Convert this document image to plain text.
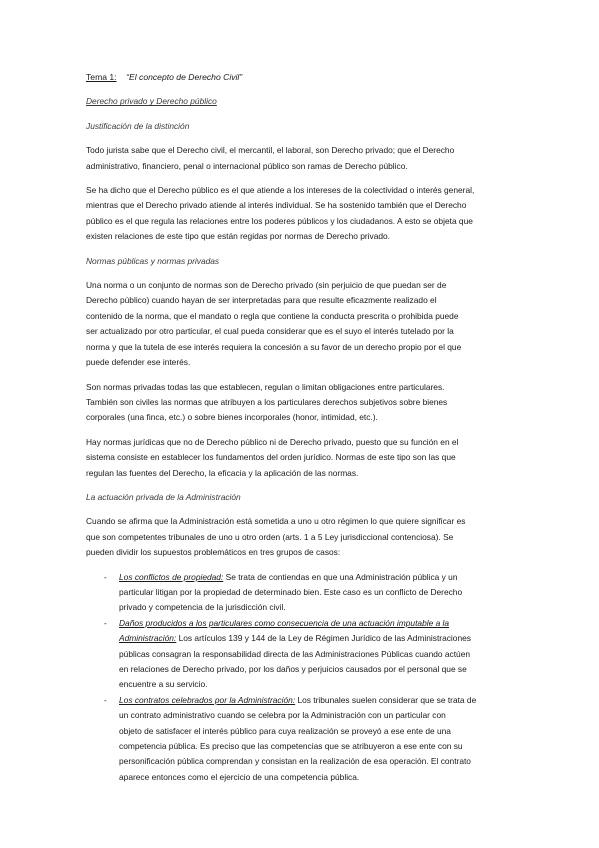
Tema 1: “El concepto de Derecho Civil”
Derecho privado y Derecho público
Justificación de la distinción
Todo jurista sabe que el Derecho civil, el mercantil, el laboral, son Derecho privado; que el Derecho
administrativo, financiero, penal o internacional público son ramas de Derecho público.
Se ha dicho que el Derecho público es el que atiende a los intereses de la colectividad o interés general,
mientras que el Derecho privado atiende al interés individual. Se ha sostenido también que el Derecho
público es el que regula las relaciones entre los poderes públicos y los ciudadanos. A esto se objeta que
existen relaciones de este tipo que están regidas por normas de Derecho privado.
Normas públicas y normas privadas
Una norma o un conjunto de normas son de Derecho privado (sin perjuicio de que puedan ser de
Derecho público) cuando hayan de ser interpretadas para que resulte eficazmente realizado el
contenido de la norma, que el mandato o regla que contiene la conducta prescrita o prohibida puede
ser actualizado por otro particular, el cual pueda considerar que es el suyo el interés tutelado por la
norma y que la tutela de ese interés requiera la concesión a su favor de un derecho propio por el que
puede defender ese interés.
Son normas privadas todas las que establecen, regulan o limitan obligaciones entre particulares.
También son civiles las normas que atribuyen a los particulares derechos subjetivos sobre bienes
corporales (una finca, etc.) o sobre bienes incorporales (honor, intimidad, etc.).
Hay normas jurídicas que no de Derecho público ni de Derecho privado, puesto que su función en el
sistema consiste en establecer los fundamentos del orden jurídico. Normas de este tipo son las que
regulan las fuentes del Derecho, la eficacia y la aplicación de las normas.
La actuación privada de la Administración
Cuando se afirma que la Administración está sometida a uno u otro régimen lo que quiere significar es
que son competentes tribunales de uno u otro orden (arts. 1 a 5 Ley jurisdiccional contenciosa). Se
pueden dividir los supuestos problemáticos en tres grupos de casos:
- Los conflictos de propiedad: Se trata de contiendas en que una Administración pública y un
particular litigan por la propiedad de determinado bien. Este caso es un conflicto de Derecho
privado y competencia de la jurisdicción civil.
- Daños producidos a los particulares como consecuencia de una actuación imputable a la
Administración: Los artículos 139 y 144 de la Ley de Régimen Jurídico de las Administraciones
públicas consagran la responsabilidad directa de las Administraciones Públicas cuando actúen
en relaciones de Derecho privado, por los daños y perjuicios causados por el personal que se
encuentre a su servicio.
- Los contratos celebrados por la Administración: Los tribunales suelen considerar que se trata de
un contrato administrativo cuando se celebra por la Administración con un particular con
objeto de satisfacer el interés público para cuya realización se proveyó a ese ente de una
competencia pública. Es preciso que las competencias que se atribuyeron a ese ente con su
personificación pública comprendan y consistan en la realización de esa operación. El contrato
aparece entonces como el ejercicio de una competencia pública.
